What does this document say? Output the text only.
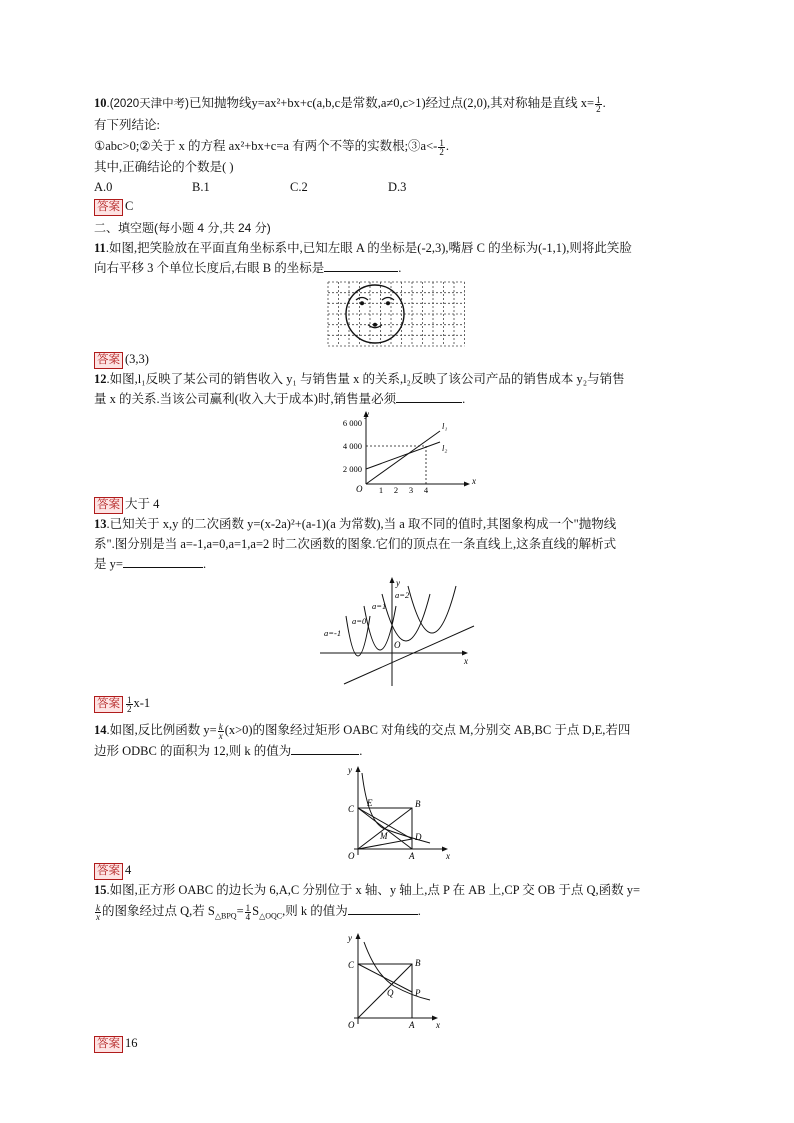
10.(2020天津中考)已知抛物线y=ax²+bx+c(a,b,c是常数,a≠0,c>1)经过点(2,0),其对称轴是直线 $x= \frac{1}{2}$ .
有下列结论:
①abc>0;②关于 x 的方程 ax²+bx+c=a 有两个不等的实数根;③a<- $\frac{1}{2}$ .
其中,正确结论的个数是( )
A.0	B.1	C.2	D.3
答案 C
二、填空题(每小题 4 分,共 24 分)
11.如图,把笑脸放在平面直角坐标系中,已知左眼 A 的坐标是(-2,3),嘴唇 C 的坐标为(-1,1),则将此笑脸
向右平移 3 个单位长度后,右眼 B 的坐标是	.
答案 (3,3)
12.如图,l₁反映了某公司的销售收入 y₁ 与销售量 x 的关系,l₂反映了该公司产品的销售成本 y₂与销售
量 x 的关系.当该公司赢利(收入大于成本)时,销售量必须	.
y
x
O
6 000
4 000
2 000
1 2 3 4
l₁
l₂
答案 大于 4
13.已知关于 x,y 的二次函数 y=(x-2a)²+(a-1)(a 为常数),当 a 取不同的值时,其图象构成一个"抛物线
系".图分别是当 a=-1,a=0,a=1,a=2 时二次函数的图象.它们的顶点在一条直线上,这条直线的解析式
是 y=	.
y
x
O
a=-1
a=0
a=1
a=2
答案 $\frac{1}{2} x-1$
14.如图,反比例函数 $y= \frac{k}{x} (x>0)$的图象经过矩形 OABC 对角线的交点 M,分别交 AB,BC 于点 D,E,若四
边形 ODBC 的面积为 12,则 k 的值为	.
y
x
C
E	B
D
M
O	A
答案 4
15.如图,正方形 OABC 的边长为 6,A,C 分别位于 x 轴、y 轴上,点 P 在 AB 上,CP 交 OB 于点 Q,函数 y=
$\frac{k}{x}$ 的图象经过点 Q,若 $S_{\triangle BPQ}= \frac{1}{4} S_{\triangle OQC}$,则 k 的值为	.
y
x
C	B
Q P
O	A
答案 16
